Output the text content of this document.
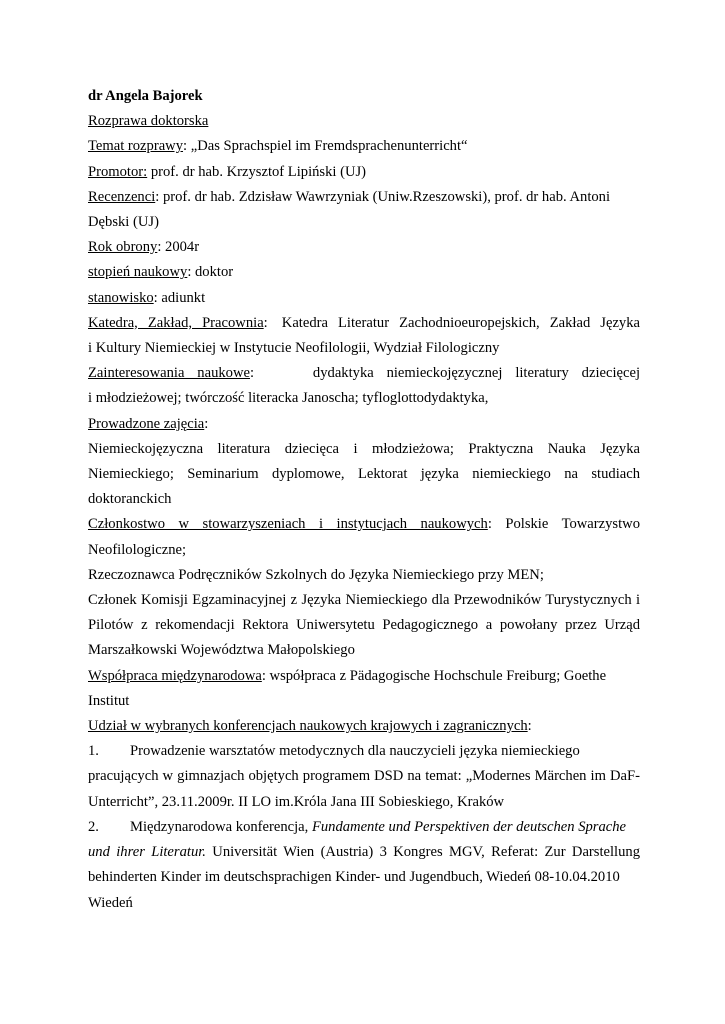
dr Angela Bajorek
Rozprawa doktorska
Temat rozprawy: „Das Sprachspiel im Fremdsprachenunterricht“
Promotor: prof. dr hab. Krzysztof Lipiński (UJ)
Recenzenci: prof. dr hab. Zdzisław Wawrzyniak (Uniw.Rzeszowski), prof. dr hab. Antoni
Dębski (UJ)
Rok obrony: 2004r
stopień naukowy: doktor
stanowisko: adiunkt
Katedra, Zakład, Pracownia: Katedra Literatur Zachodnioeuropejskich, Zakład Języka
i Kultury Niemieckiej w Instytucie Neofilologii, Wydział Filologiczny
Zainteresowania naukowe:	dydaktyka niemieckojęzycznej literatury dziecięcej
i młodzieżowej; twórczość literacka Janoscha; tyfloglottodydaktyka,
Prowadzone zajęcia:
Niemieckojęzyczna literatura dziecięca i młodzieżowa; Praktyczna Nauka Języka
Niemieckiego; Seminarium dyplomowe, Lektorat języka niemieckiego na studiach
doktoranckich
Członkostwo w stowarzyszeniach i instytucjach naukowych: Polskie Towarzystwo
Neofilologiczne;
Rzeczoznawca Podręczników Szkolnych do Języka Niemieckiego przy MEN;
Członek Komisji Egzaminacyjnej z Języka Niemieckiego dla Przewodników Turystycznych i
Pilotów z rekomendacji Rektora Uniwersytetu Pedagogicznego a powołany przez Urząd
Marszałkowski Województwa Małopolskiego
Współpraca międzynarodowa: współpraca z Pädagogische Hochschule Freiburg; Goethe
Institut
Udział w wybranych konferencjach naukowych krajowych i zagranicznych:
1. Prowadzenie warsztatów metodycznych dla nauczycieli języka niemieckiego
pracujących w gimnazjach objętych programem DSD na temat: „Modernes Märchen im DaF-
Unterricht”, 23.11.2009r. II LO im.Króla Jana III Sobieskiego, Kraków
2. Międzynarodowa konferencja, Fundamente und Perspektiven der deutschen Sprache
und ihrer Literatur. Universität Wien (Austria) 3 Kongres MGV, Referat: Zur Darstellung
behinderten Kinder im deutschsprachigen Kinder- und Jugendbuch, Wiedeń 08-10.04.2010
Wiedeń
